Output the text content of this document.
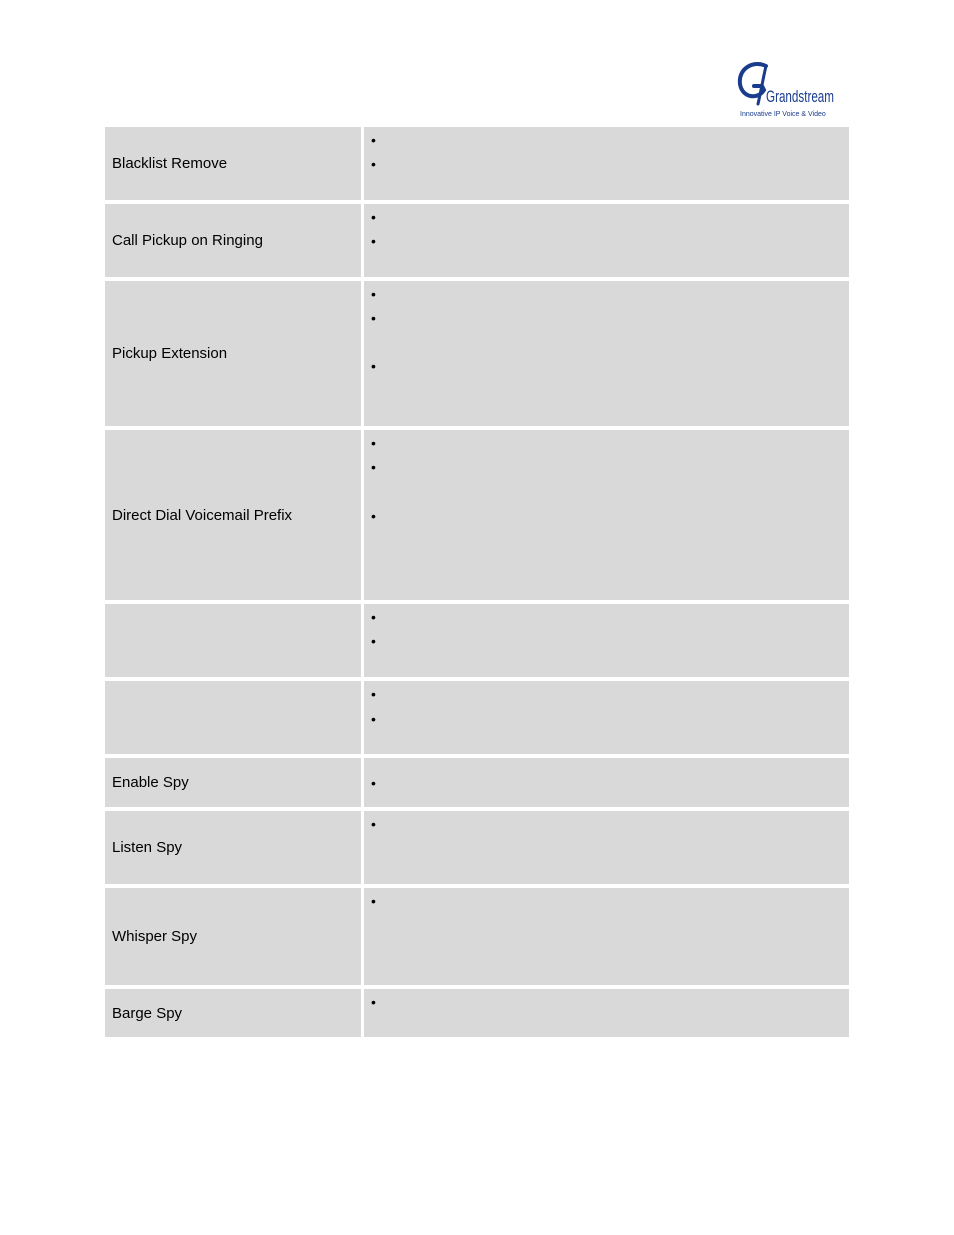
Grandstream
Innovative IP Voice & Video
Blacklist Remove
•
•
Call Pickup on Ringing
•
•
Pickup Extension
•
•
•
Direct Dial Voicemail Prefix
•
•
•
•
•
•
•
Enable Spy	•
Listen Spy
•
Whisper Spy
•
Barge Spy
•
